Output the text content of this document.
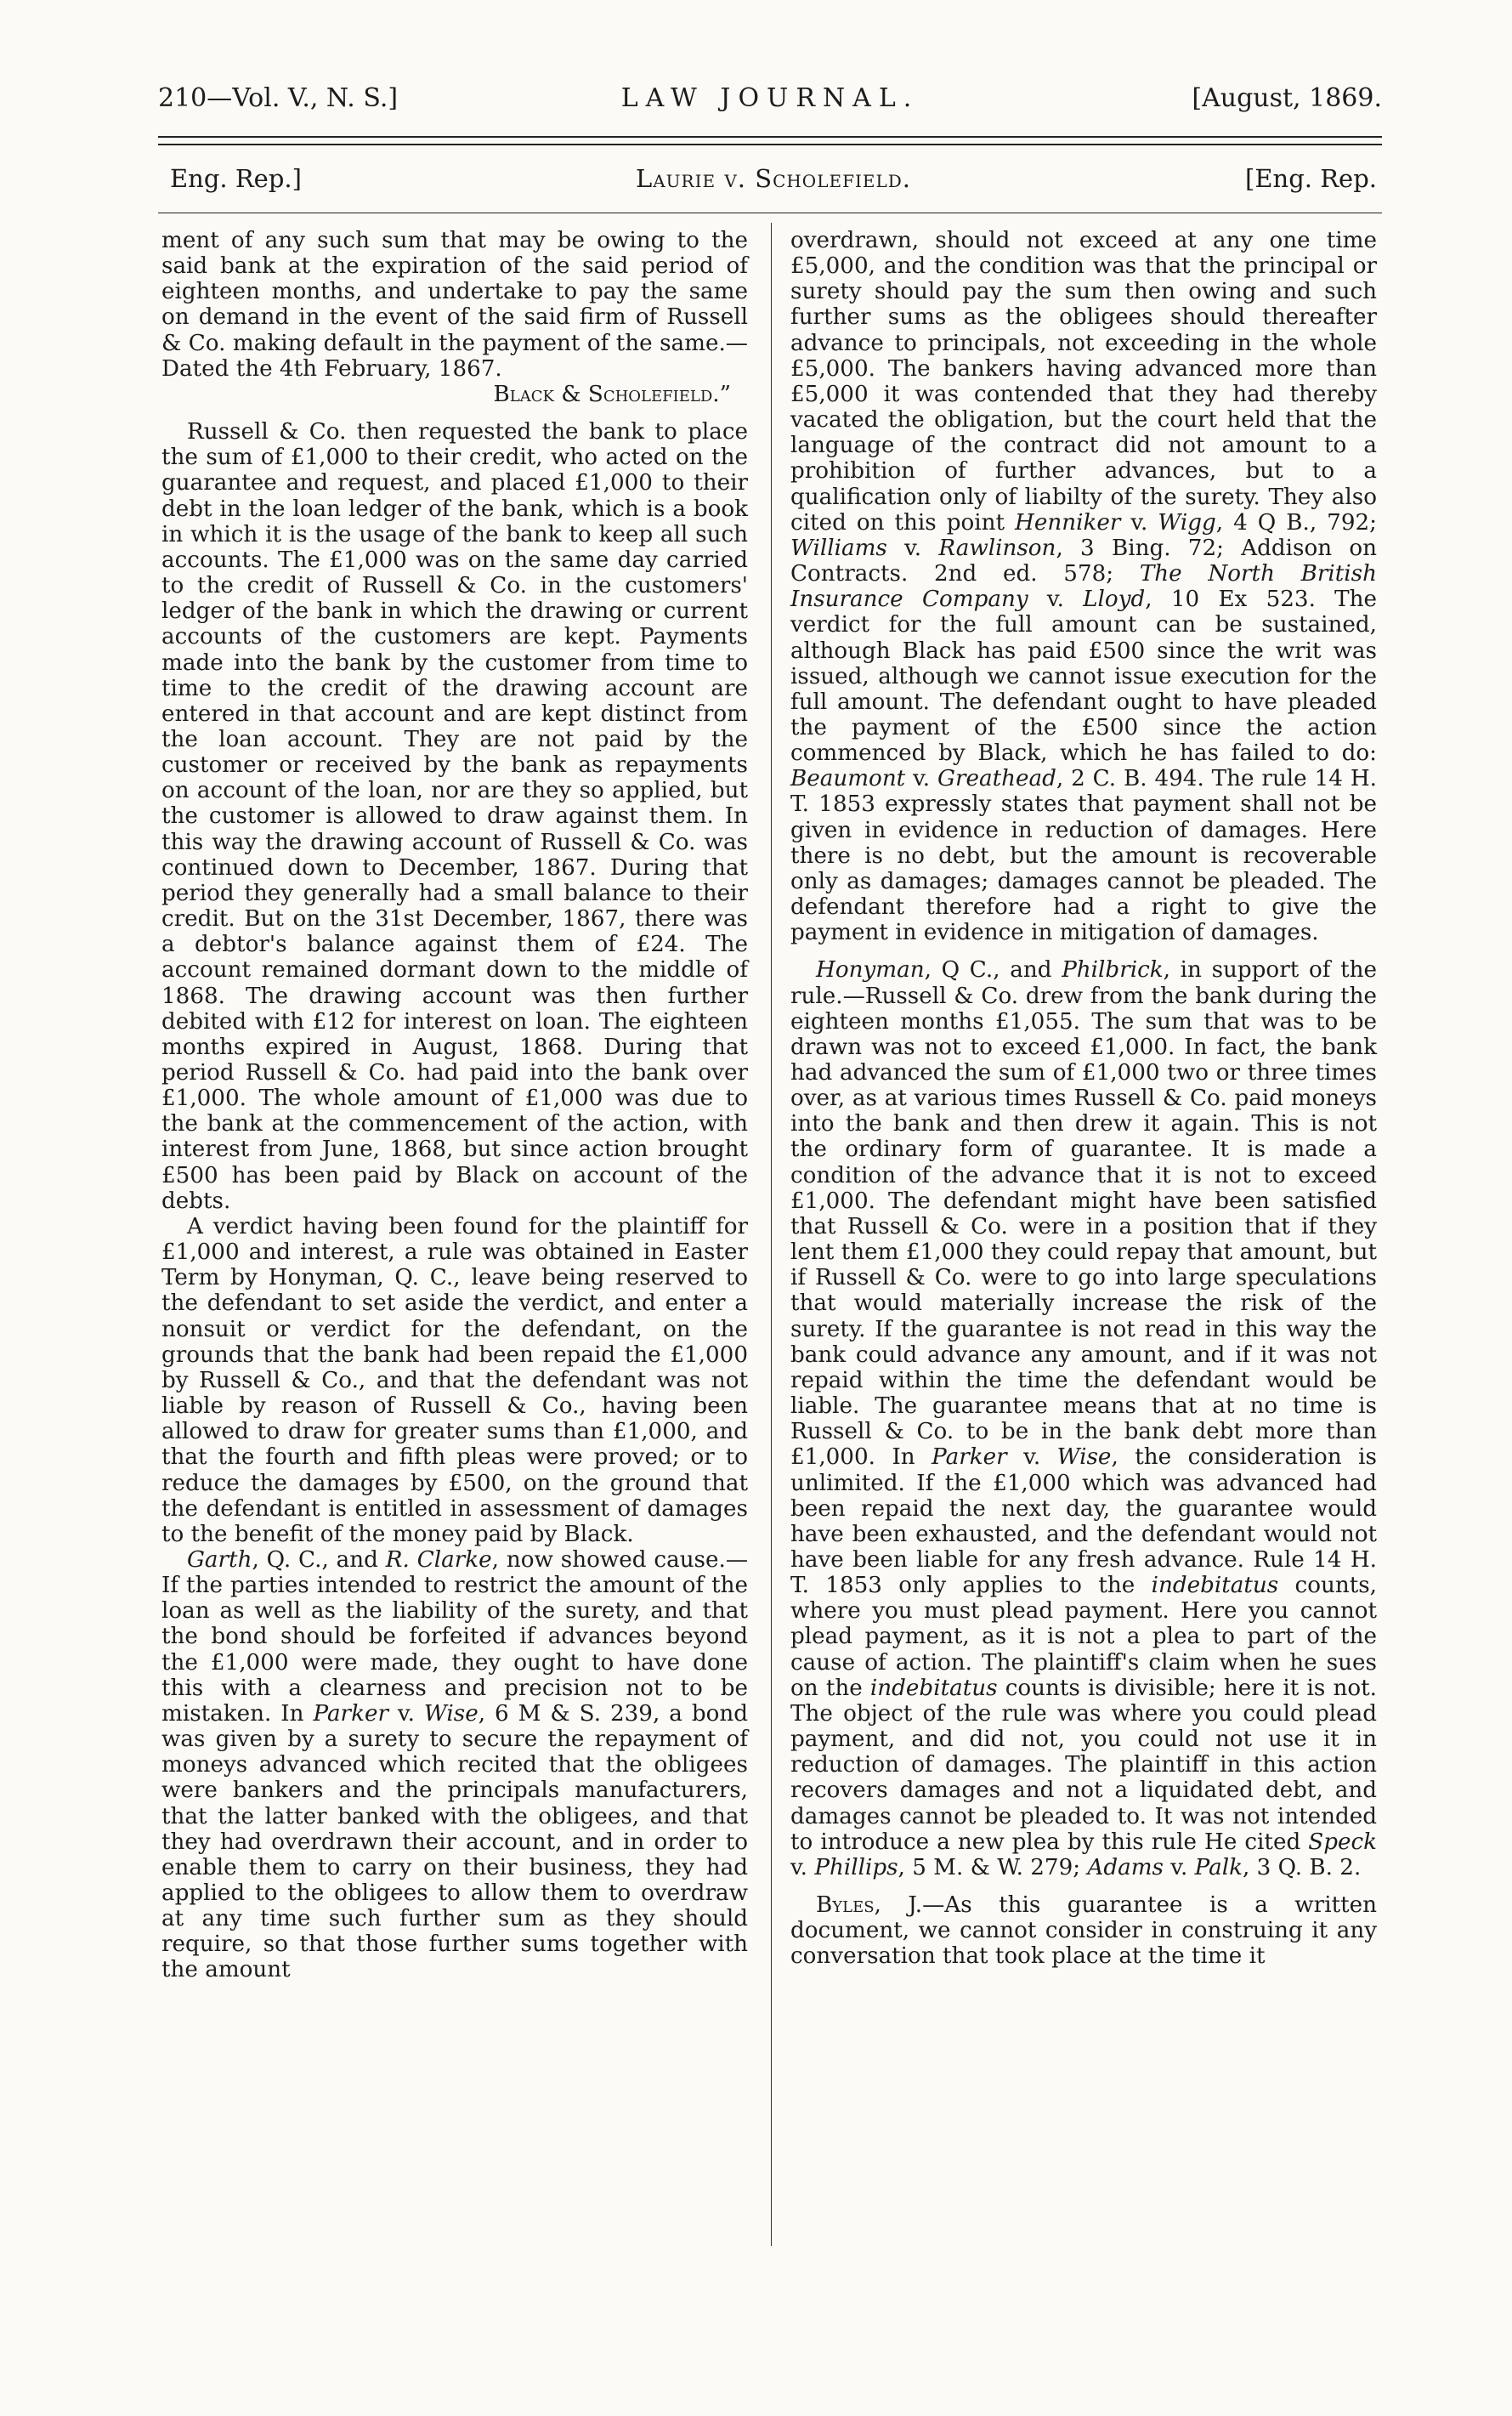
210—Vol. V., N. S.]	LAW JOURNAL.	[August, 1869.
Eng. Rep.]	Laurie v. Scholefield.	[Eng. Rep.

ment of any such sum that may be owing to the said bank at the expiration of the said period of eighteen months, and undertake to pay the same on demand in the event of the said firm of Russell & Co. making default in the payment of the same.—Dated the 4th February, 1867.

Black & Scholefield.”

Russell & Co. then requested the bank to place the sum of £1,000 to their credit, who acted on the guarantee and request, and placed £1,000 to their debt in the loan ledger of the bank, which is a book in which it is the usage of the bank to keep all such accounts. The £1,000 was on the same day carried to the credit of Russell & Co. in the customers' ledger of the bank in which the drawing or current accounts of the customers are kept. Payments made into the bank by the customer from time to time to the credit of the drawing account are entered in that account and are kept distinct from the loan account. They are not paid by the customer or received by the bank as repayments on account of the loan, nor are they so applied, but the customer is allowed to draw against them. In this way the drawing account of Russell & Co. was continued down to December, 1867. During that period they generally had a small balance to their credit. But on the 31st December, 1867, there was a debtor's balance against them of £24. The account remained dormant down to the middle of 1868. The drawing account was then further debited with £12 for interest on loan. The eighteen months expired in August, 1868. During that period Russell & Co. had paid into the bank over £1,000. The whole amount of £1,000 was due to the bank at the commencement of the action, with interest from June, 1868, but since action brought £500 has been paid by Black on account of the debts.

A verdict having been found for the plaintiff for £1,000 and interest, a rule was obtained in Easter Term by Honyman, Q. C., leave being reserved to the defendant to set aside the verdict, and enter a nonsuit or verdict for the defendant, on the grounds that the bank had been repaid the £1,000 by Russell & Co., and that the defendant was not liable by reason of Russell & Co., having been allowed to draw for greater sums than £1,000, and that the fourth and fifth pleas were proved; or to reduce the damages by £500, on the ground that the defendant is entitled in assessment of damages to the benefit of the money paid by Black.

Garth, Q. C., and R. Clarke, now showed cause.—If the parties intended to restrict the amount of the loan as well as the liability of the surety, and that the bond should be forfeited if advances beyond the £1,000 were made, they ought to have done this with a clearness and precision not to be mistaken. In Parker v. Wise, 6 M & S. 239, a bond was given by a surety to secure the repayment of moneys advanced which recited that the obligees were bankers and the principals manufacturers, that the latter banked with the obligees, and that they had overdrawn their account, and in order to enable them to carry on their business, they had applied to the obligees to allow them to overdraw at any time such further sum as they should require, so that those further sums together with the amount

overdrawn, should not exceed at any one time £5,000, and the condition was that the principal or surety should pay the sum then owing and such further sums as the obligees should thereafter advance to principals, not exceeding in the whole £5,000. The bankers having advanced more than £5,000 it was contended that they had thereby vacated the obligation, but the court held that the language of the contract did not amount to a prohibition of further advances, but to a qualification only of liabilty of the surety. They also cited on this point Henniker v. Wigg, 4 Q B., 792; Williams v. Rawlinson, 3 Bing. 72; Addison on Contracts. 2nd ed. 578; The North British Insurance Company v. Lloyd, 10 Ex 523. The verdict for the full amount can be sustained, although Black has paid £500 since the writ was issued, although we cannot issue execution for the full amount. The defendant ought to have pleaded the payment of the £500 since the action commenced by Black, which he has failed to do: Beaumont v. Greathead, 2 C. B. 494. The rule 14 H. T. 1853 expressly states that payment shall not be given in evidence in reduction of damages. Here there is no debt, but the amount is recoverable only as damages; damages cannot be pleaded. The defendant therefore had a right to give the payment in evidence in mitigation of damages.

Honyman, Q C., and Philbrick, in support of the rule.—Russell & Co. drew from the bank during the eighteen months £1,055. The sum that was to be drawn was not to exceed £1,000. In fact, the bank had advanced the sum of £1,000 two or three times over, as at various times Russell & Co. paid moneys into the bank and then drew it again. This is not the ordinary form of guarantee. It is made a condition of the advance that it is not to exceed £1,000. The defendant might have been satisfied that Russell & Co. were in a position that if they lent them £1,000 they could repay that amount, but if Russell & Co. were to go into large speculations that would materially increase the risk of the surety. If the guarantee is not read in this way the bank could advance any amount, and if it was not repaid within the time the defendant would be liable. The guarantee means that at no time is Russell & Co. to be in the bank debt more than £1,000. In Parker v. Wise, the consideration is unlimited. If the £1,000 which was advanced had been repaid the next day, the guarantee would have been exhausted, and the defendant would not have been liable for any fresh advance. Rule 14 H. T. 1853 only applies to the indebitatus counts, where you must plead payment. Here you cannot plead payment, as it is not a plea to part of the cause of action. The plaintiff's claim when he sues on the indebitatus counts is divisible; here it is not. The object of the rule was where you could plead payment, and did not, you could not use it in reduction of damages. The plaintiff in this action recovers damages and not a liquidated debt, and damages cannot be pleaded to. It was not intended to introduce a new plea by this rule He cited Speck v. Phillips, 5 M. & W. 279; Adams v. Palk, 3 Q. B. 2.

Byles, J.—As this guarantee is a written document, we cannot consider in construing it any conversation that took place at the time it
